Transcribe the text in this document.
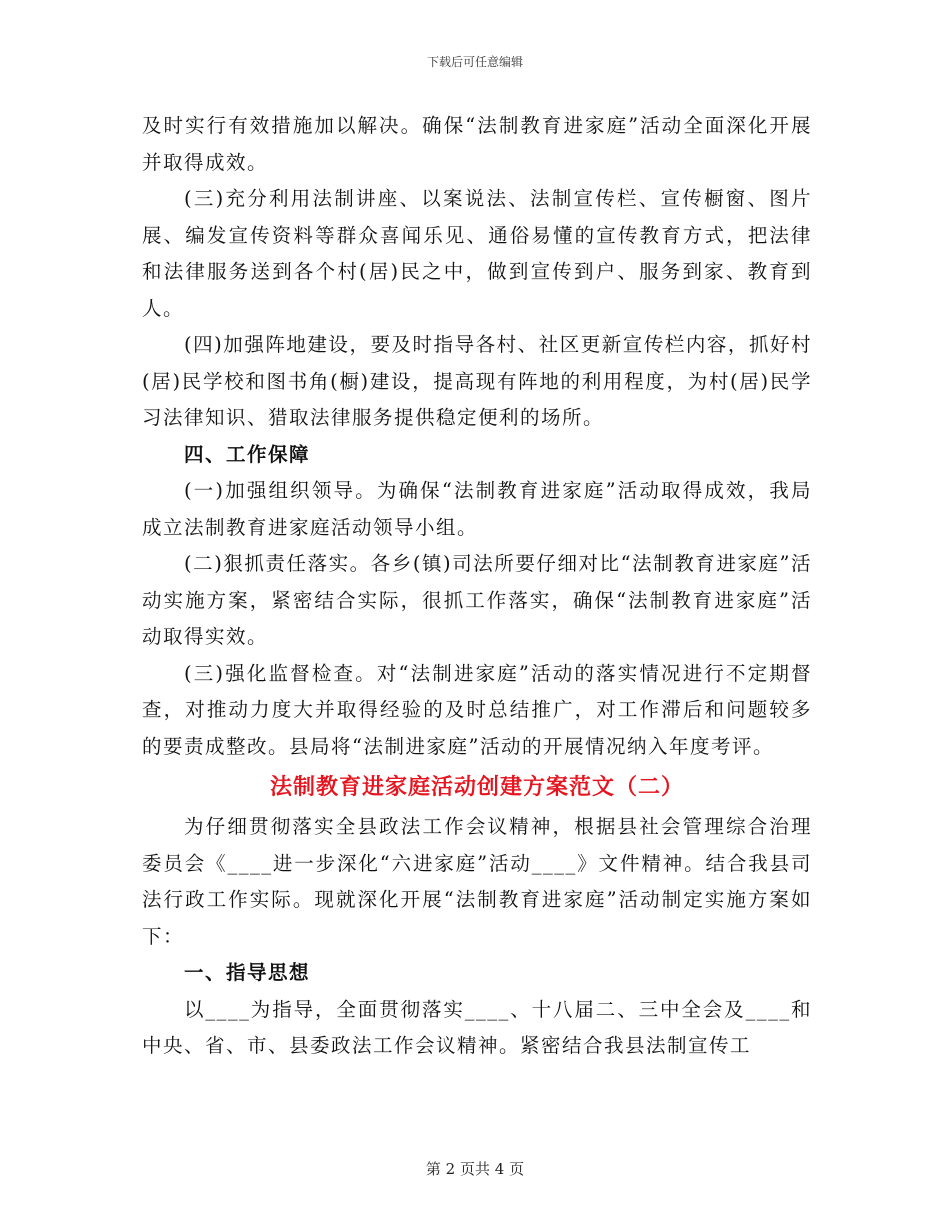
下载后可任意编辑

及时实行有效措施加以解决。确保“法制教育进家庭”活动全面深化开展并取得成效。

(三)充分利用法制讲座、以案说法、法制宣传栏、宣传橱窗、图片展、编发宣传资料等群众喜闻乐见、通俗易懂的宣传教育方式，把法律和法律服务送到各个村(居)民之中，做到宣传到户、服务到家、教育到人。

(四)加强阵地建设，要及时指导各村、社区更新宣传栏内容，抓好村(居)民学校和图书角(橱)建设，提高现有阵地的利用程度，为村(居)民学习法律知识、猎取法律服务提供稳定便利的场所。

四、工作保障

(一)加强组织领导。为确保“法制教育进家庭”活动取得成效，我局成立法制教育进家庭活动领导小组。

(二)狠抓责任落实。各乡(镇)司法所要仔细对比“法制教育进家庭”活动实施方案，紧密结合实际，很抓工作落实，确保“法制教育进家庭”活动取得实效。

(三)强化监督检查。对“法制进家庭”活动的落实情况进行不定期督查，对推动力度大并取得经验的及时总结推广，对工作滞后和问题较多的要责成整改。县局将“法制进家庭”活动的开展情况纳入年度考评。

法制教育进家庭活动创建方案范文（二）

为仔细贯彻落实全县政法工作会议精神，根据县社会管理综合治理委员会《____进一步深化“六进家庭”活动____》文件精神。结合我县司法行政工作实际。现就深化开展“法制教育进家庭”活动制定实施方案如下：

一、指导思想

以____为指导，全面贯彻落实____、十八届二、三中全会及____和中央、省、市、县委政法工作会议精神。紧密结合我县法制宣传工

第 2 页共 4 页
